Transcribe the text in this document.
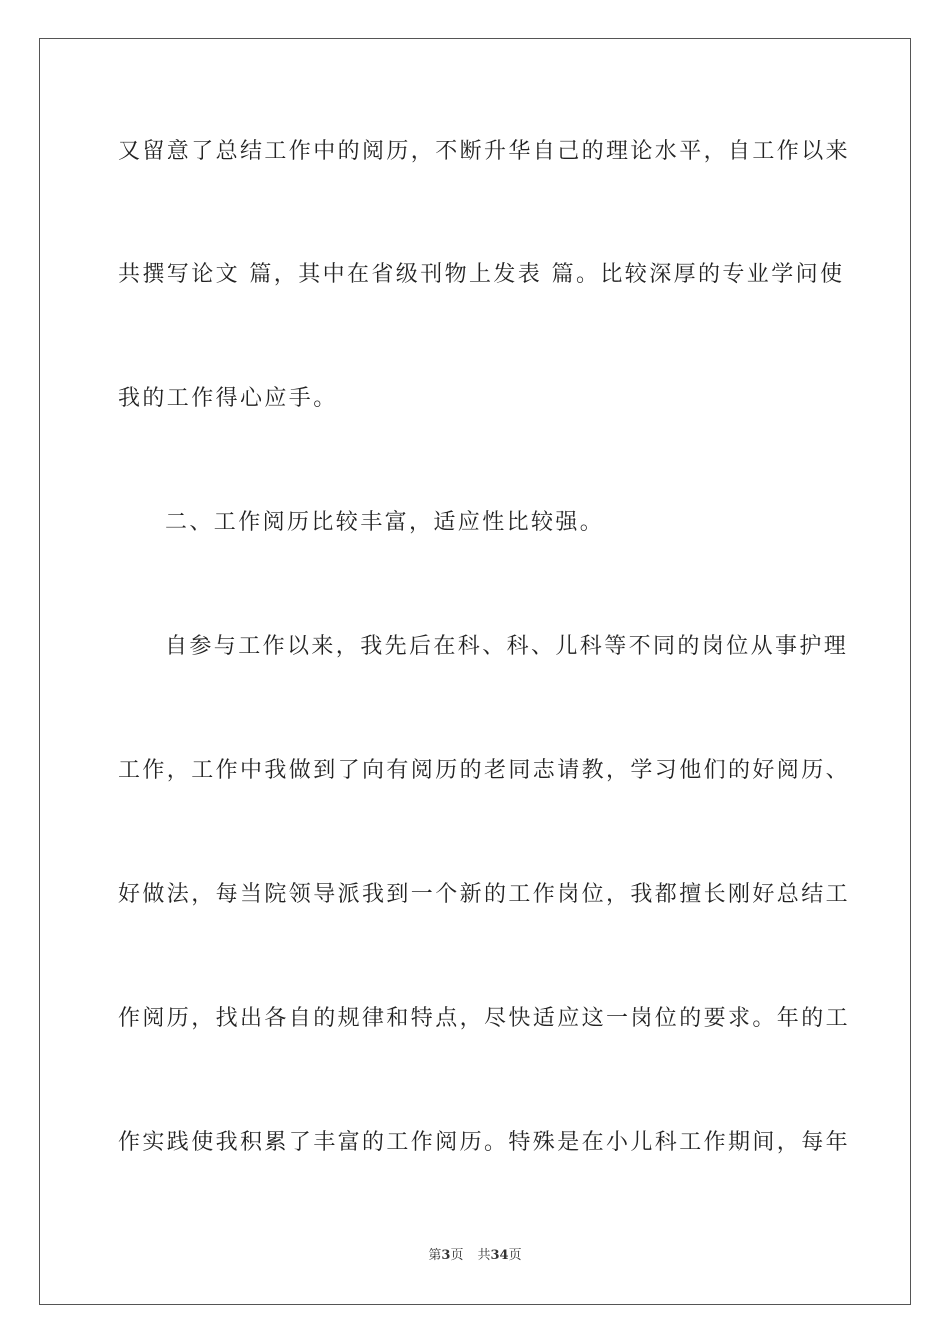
又留意了总结工作中的阅历，不断升华自己的理论水平，自工作以来
共撰写论文 篇，其中在省级刊物上发表 篇。比较深厚的专业学问使
我的工作得心应手。
二、工作阅历比较丰富，适应性比较强。
自参与工作以来，我先后在科、科、儿科等不同的岗位从事护理
工作，工作中我做到了向有阅历的老同志请教，学习他们的好阅历、
好做法，每当院领导派我到一个新的工作岗位，我都擅长刚好总结工
作阅历，找出各自的规律和特点，尽快适应这一岗位的要求。年的工
作实践使我积累了丰富的工作阅历。特殊是在小儿科工作期间，每年
第3页 共34页
